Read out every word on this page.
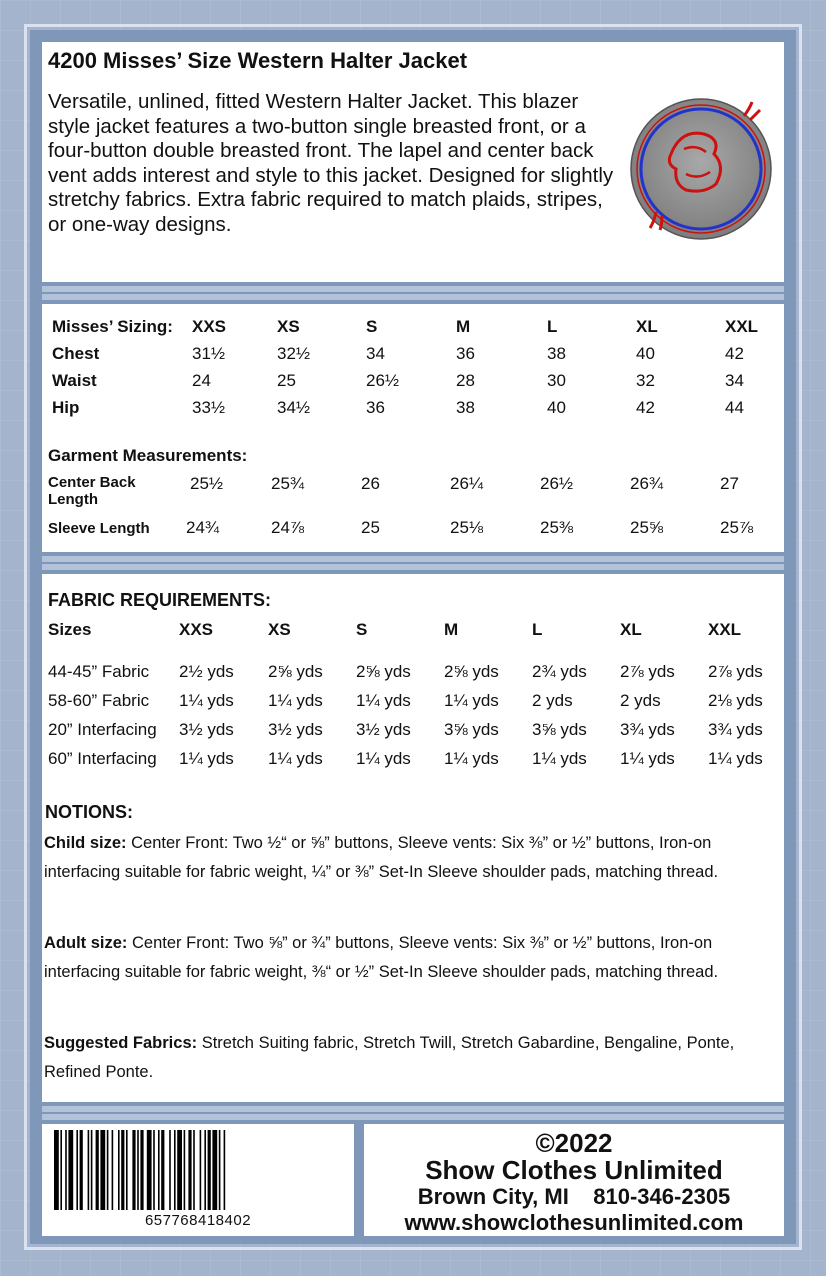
4200 Misses’ Size Western Halter Jacket
Versatile, unlined, fitted Western Halter Jacket. This blazer style jacket features a two-button single breasted front, or a four-button double breasted front. The lapel and center back vent adds interest and style to this jacket. Designed for slightly stretchy fabrics. Extra fabric required to match plaids, stripes, or one-way designs.
Misses’ Sizing: XXS	XS	S	M	L	XL	XXL
Chest	31½	32½	34	36	38	40	42
Waist	24	25	26½	28	30	32	34
Hip	33½	34½	36	38	40	42	44
Garment Measurements:
Center Back Length
25½	25¾	26	26¼	26½	26¾	27
Sleeve Length	24¾	24⅞	25	25⅛	25⅜	25⅝	25⅞
FABRIC REQUIREMENTS:
Sizes	XXS	XS	S	M	L	XL	XXL
44-45” Fabric 2½ yds 2⅝ yds 2⅝ yds 2⅝ yds 2¾ yds 2⅞ yds 2⅞ yds
58-60” Fabric 1¼ yds 1¼ yds 1¼ yds 1¼ yds 2 yds	2 yds	2⅛ yds
20” Interfacing 3½ yds 3½ yds 3½ yds 3⅝ yds 3⅝ yds 3¾ yds 3¾ yds
60” Interfacing 1¼ yds 1¼ yds 1¼ yds 1¼ yds 1¼ yds 1¼ yds 1¼ yds
NOTIONS:
Child size: Center Front: Two ½“ or ⅝” buttons, Sleeve vents: Six ⅜” or ½” buttons, Iron-on interfacing suitable for fabric weight, ¼” or ⅜” Set-In Sleeve shoulder pads, matching thread.
Adult size: Center Front: Two ⅝” or ¾” buttons, Sleeve vents: Six ⅜” or ½” buttons, Iron-on interfacing suitable for fabric weight, ⅜“ or ½” Set-In Sleeve shoulder pads, matching thread.
Suggested Fabrics: Stretch Suiting fabric, Stretch Twill, Stretch Gabardine, Bengaline, Ponte, Refined Ponte.
657768418402
©2022
Show Clothes Unlimited
Brown City, MI    810-346-2305
www.showclothesunlimited.com
